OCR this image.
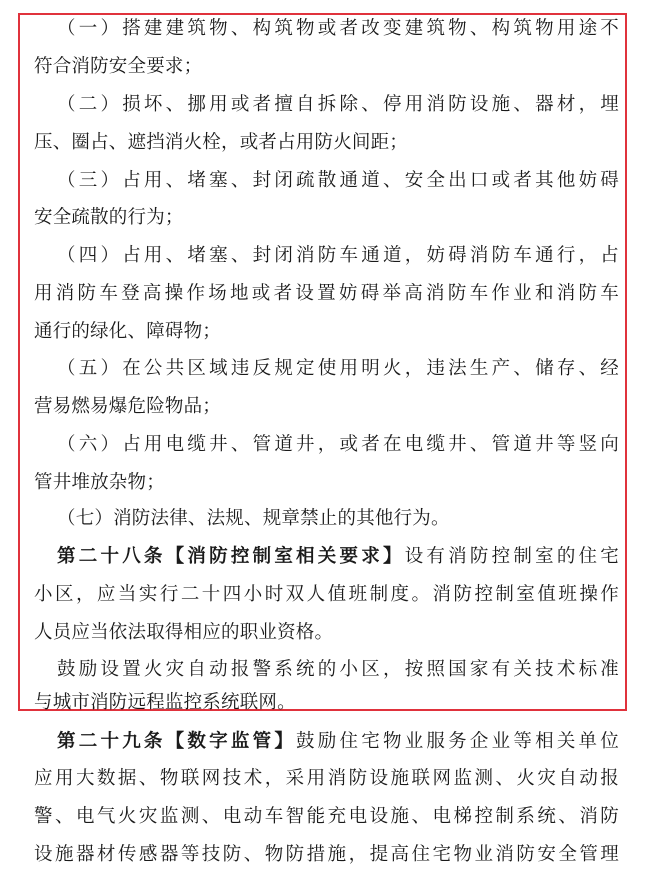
（一）搭建建筑物、构筑物或者改变建筑物、构筑物用途不
符合消防安全要求；
（二）损坏、挪用或者擅自拆除、停用消防设施、器材，埋
压、圈占、遮挡消火栓，或者占用防火间距；
（三）占用、堵塞、封闭疏散通道、安全出口或者其他妨碍
安全疏散的行为；
（四）占用、堵塞、封闭消防车通道，妨碍消防车通行，占
用消防车登高操作场地或者设置妨碍举高消防车作业和消防车
通行的绿化、障碍物；
（五）在公共区域违反规定使用明火，违法生产、储存、经
营易燃易爆危险物品；
（六）占用电缆井、管道井，或者在电缆井、管道井等竖向
管井堆放杂物；
（七）消防法律、法规、规章禁止的其他行为。
第二十八条【消防控制室相关要求】设有消防控制室的住宅
小区，应当实行二十四小时双人值班制度。消防控制室值班操作
人员应当依法取得相应的职业资格。
鼓励设置火灾自动报警系统的小区，按照国家有关技术标准
与城市消防远程监控系统联网。
第二十九条【数字监管】鼓励住宅物业服务企业等相关单位
应用大数据、物联网技术，采用消防设施联网监测、火灾自动报
警、电气火灾监测、电动车智能充电设施、电梯控制系统、消防
设施器材传感器等技防、物防措施，提高住宅物业消防安全管理
